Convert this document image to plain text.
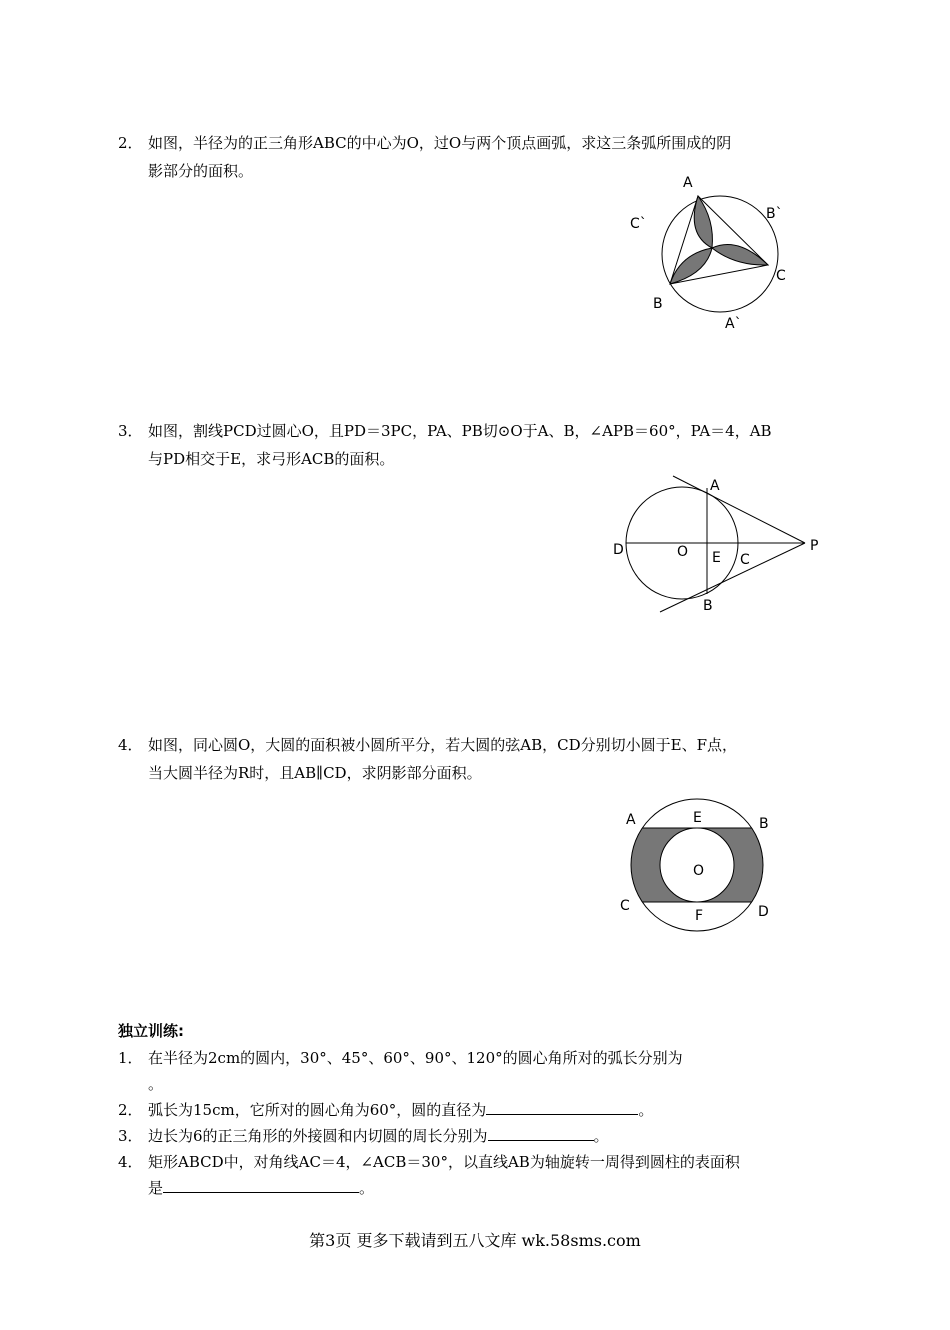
2． 如图，半径为的正三角形ABC的中心为O，过O与两个顶点画弧，求这三条弧所围成的阴
影部分的面积。
A
C`
B`
C
B
A`
3． 如图，割线PCD过圆心O，且PD＝3PC，PA、PB切⊙O于A、B，∠APB＝60°，PA＝4，AB
与PD相交于E，求弓形ACB的面积。
A
D	O E C
P
B
4． 如图，同心圆O，大圆的面积被小圆所平分，若大圆的弦AB，CD分别切小圆于E、F点，
当大圆半径为R时，且AB∥CD，求阴影部分面积。
A	E	B
O
C
F	D
独立训练:
1． 在半径为2cm的圆内，30°、45°、60°、90°、120°的圆心角所对的弧长分别为
。
2． 弧长为15cm，它所对的圆心角为60°，圆的直径为	。
3． 边长为6的正三角形的外接圆和内切圆的周长分别为	。
4． 矩形ABCD中，对角线AC＝4，∠ACB＝30°，以直线AB为轴旋转一周得到圆柱的表面积
是	。
第3页 更多下载请到五八文库 wk.58sms.com
